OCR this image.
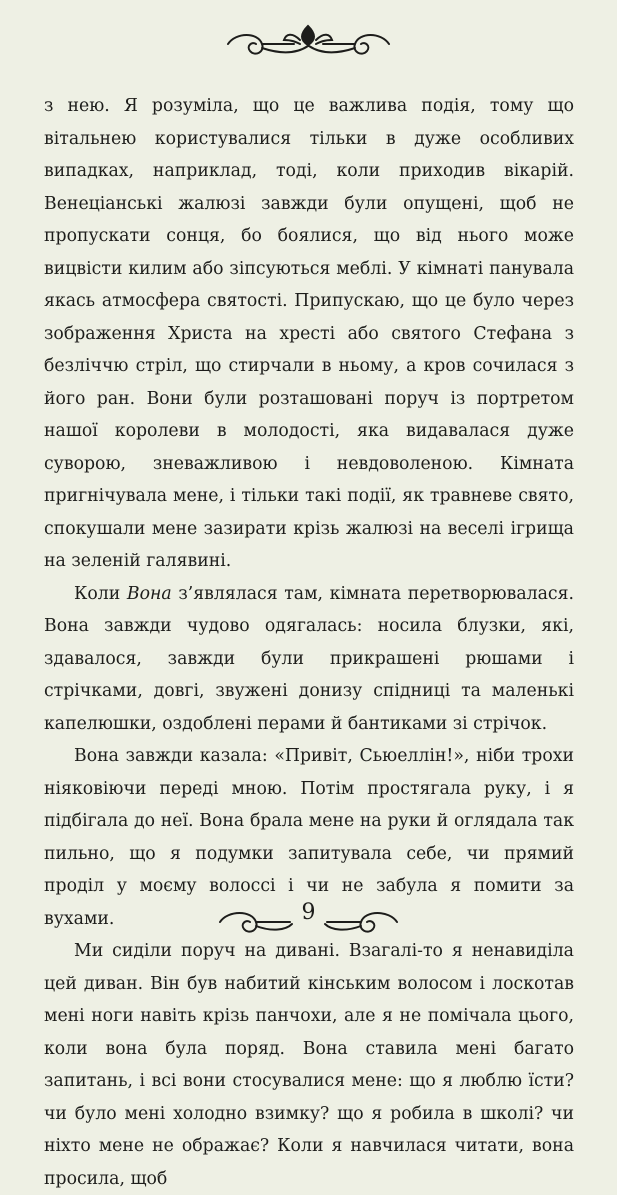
з нею. Я розуміла, що це важлива подія, тому що вітальнею користувалися тільки в дуже особливих випадках, наприклад, тоді, коли приходив вікарій. Венеціанські жалюзі завжди були опущені, щоб не пропускати сонця, бо боялися, що від нього може вицвісти килим або зіпсуються меблі. У кімнаті панувала якась атмосфера святості. Припускаю, що це було через зображення Христа на хресті або святого Стефана з безліччю стріл, що стирчали в ньому, а кров сочилася з його ран. Вони були розташовані поруч із портретом нашої королеви в молодості, яка видавалася дуже суворою, зневажливою і невдоволеною. Кімната пригнічувала мене, і тільки такі події, як травневе свято, спокушали мене зазирати крізь жалюзі на веселі ігрища на зеленій галявині.

Коли Вона з’являлася там, кімната перетворювалася. Вона завжди чудово одягалась: носила блузки, які, здавалося, завжди були прикрашені рюшами і стрічками, довгі, звужені донизу спідниці та маленькі капелюшки, оздоблені перами й бантиками зі стрічок.

Вона завжди казала: «Привіт, Сьюеллін!», ніби трохи ніяковіючи переді мною. Потім простягала руку, і я підбігала до неї. Вона брала мене на руки й оглядала так пильно, що я подумки запитувала себе, чи прямий проділ у моєму волоссі і чи не забула я помити за вухами.

Ми сиділи поруч на дивані. Взагалі-то я ненавиділа цей диван. Він був набитий кінським волосом і лоскотав мені ноги навіть крізь панчохи, але я не помічала цього, коли вона була поряд. Вона ставила мені багато запитань, і всі вони стосувалися мене: що я люблю їсти? чи було мені холодно взимку? що я робила в школі? чи ніхто мене не ображає? Коли я навчилася читати, вона просила, щоб

9
